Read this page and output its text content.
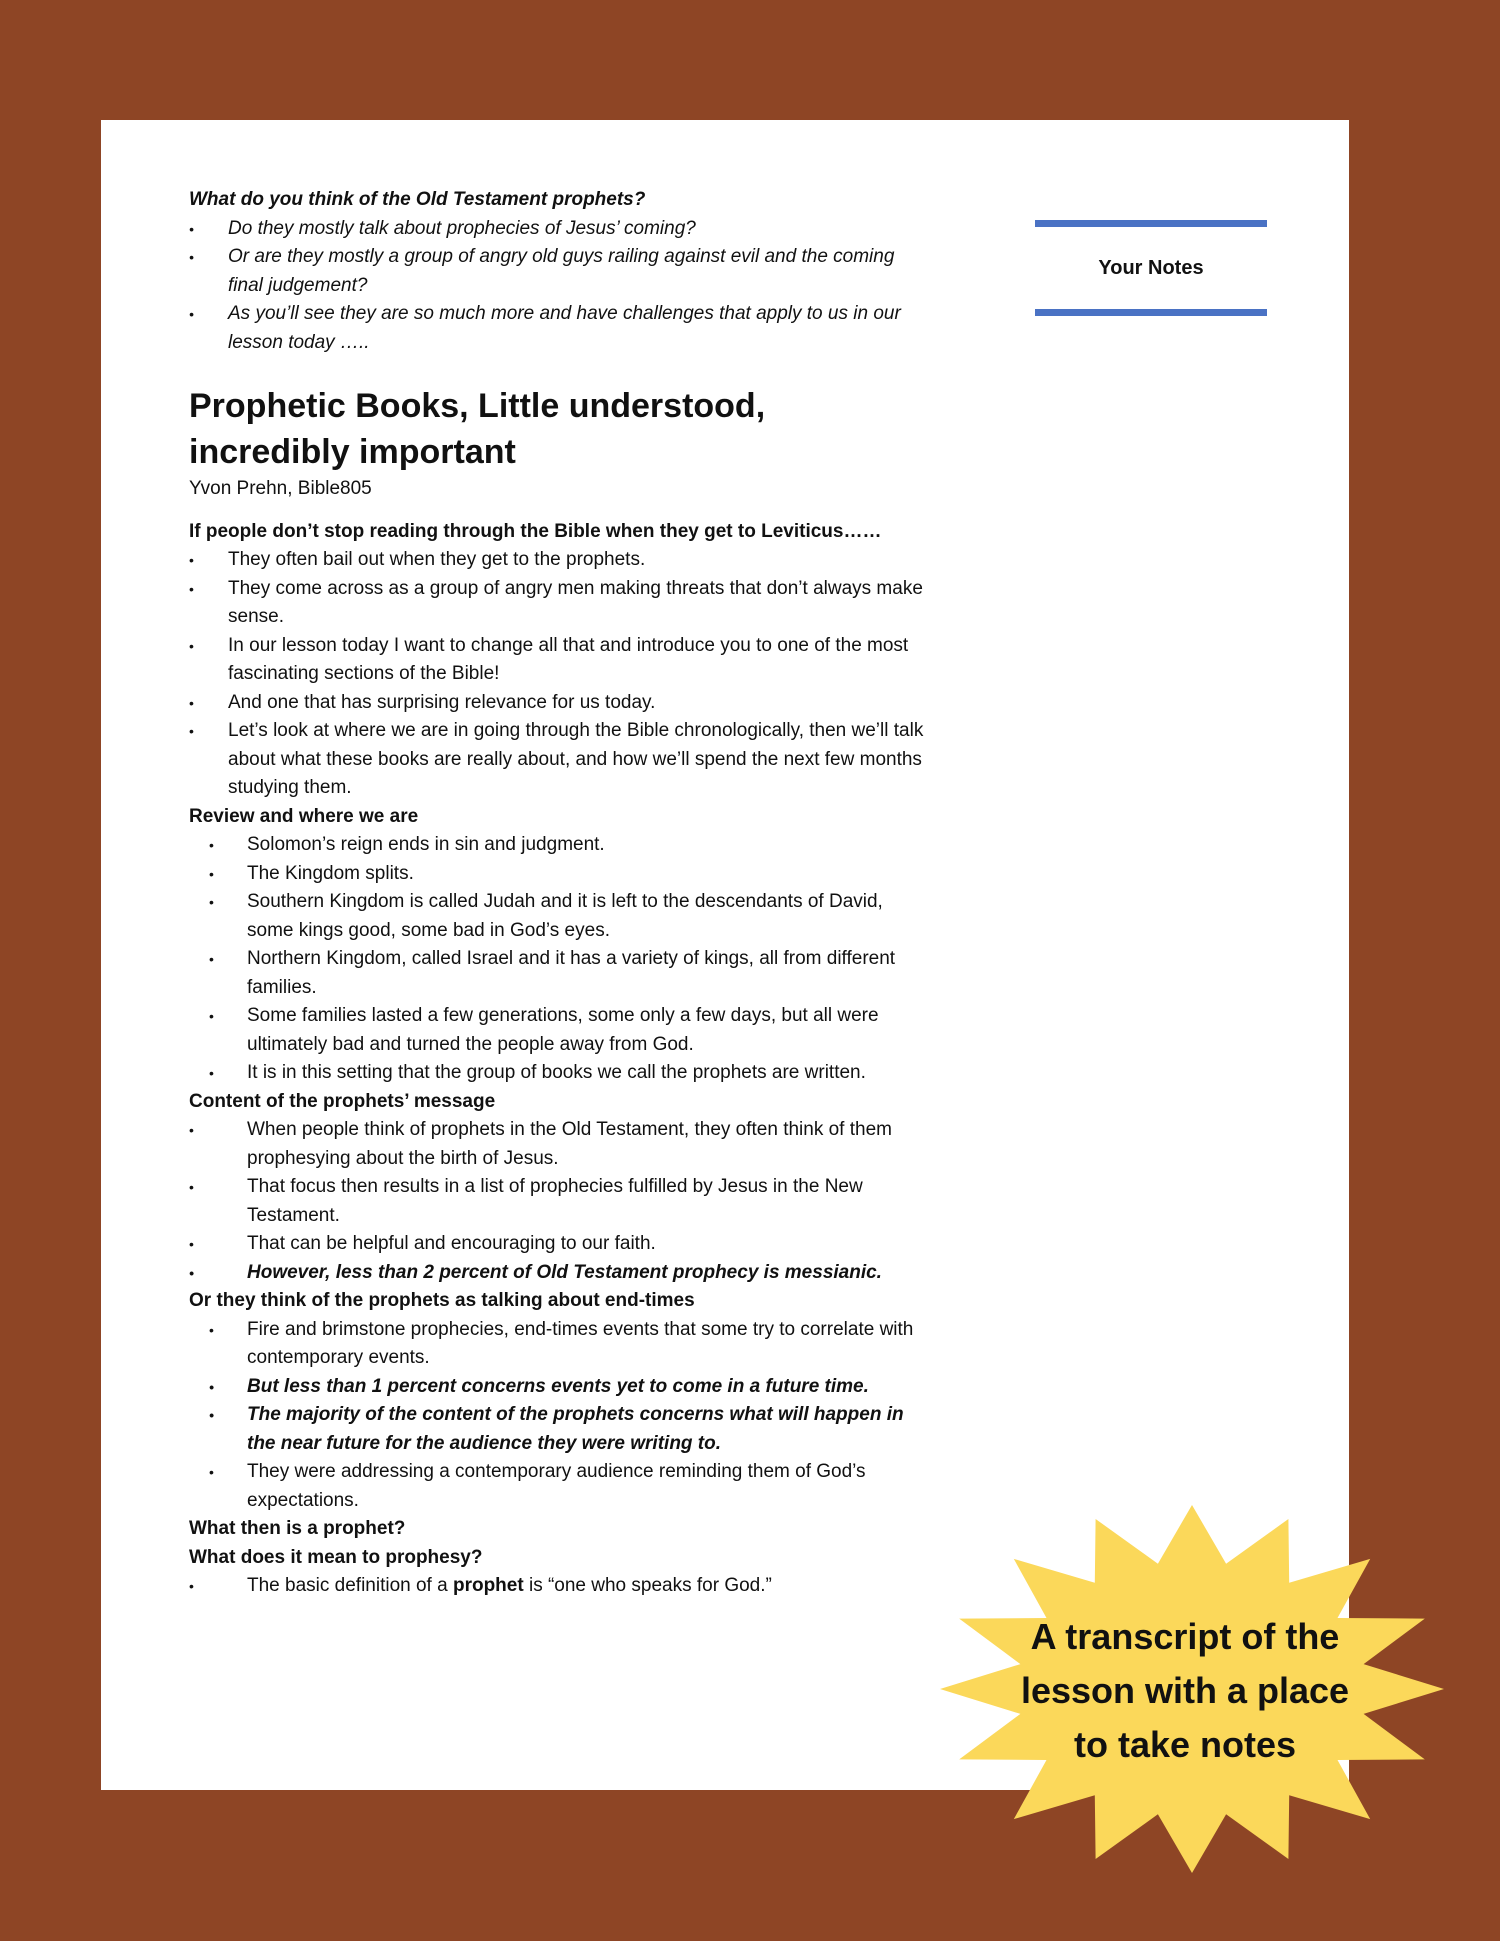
What do you think of the Old Testament prophets?

• Do they mostly talk about prophecies of Jesus’ coming?
• Or are they mostly a group of angry old guys railing against evil and the coming final judgement?
• As you’ll see they are so much more and have challenges that apply to us in our lesson today …..
Prophetic Books, Little understood, incredibly important

Yvon Prehn, Bible805

If people don’t stop reading through the Bible when they get to Leviticus……

• They often bail out when they get to the prophets.
• They come across as a group of angry men making threats that don’t always make sense.
• In our lesson today I want to change all that and introduce you to one of the most fascinating sections of the Bible!
• And one that has surprising relevance for us today.
• Let’s look at where we are in going through the Bible chronologically, then we’ll talk about what these books are really about, and how we’ll spend the next few months studying them.

Review and where we are

• Solomon’s reign ends in sin and judgment.
• The Kingdom splits.
• Southern Kingdom is called Judah and it is left to the descendants of David, some kings good, some bad in God’s eyes.
• Northern Kingdom, called Israel and it has a variety of kings, all from different families.
• Some families lasted a few generations, some only a few days, but all were ultimately bad and turned the people away from God.
• It is in this setting that the group of books we call the prophets are written.

Content of the prophets’ message

• When people think of prophets in the Old Testament, they often think of them prophesying about the birth of Jesus.
• That focus then results in a list of prophecies fulfilled by Jesus in the New Testament.
• That can be helpful and encouraging to our faith.
• However, less than 2 percent of Old Testament prophecy is messianic.

Or they think of the prophets as talking about end-times

• Fire and brimstone prophecies, end-times events that some try to correlate with contemporary events.
• But less than 1 percent concerns events yet to come in a future time.
• The majority of the content of the prophets concerns what will happen in the near future for the audience they were writing to.
• They were addressing a contemporary audience reminding them of God’s expectations.

What then is a prophet?

What does it mean to prophesy?

• The basic definition of a prophet is “one who speaks for God.”
Your Notes
A transcript of the
lesson with a place
to take notes
